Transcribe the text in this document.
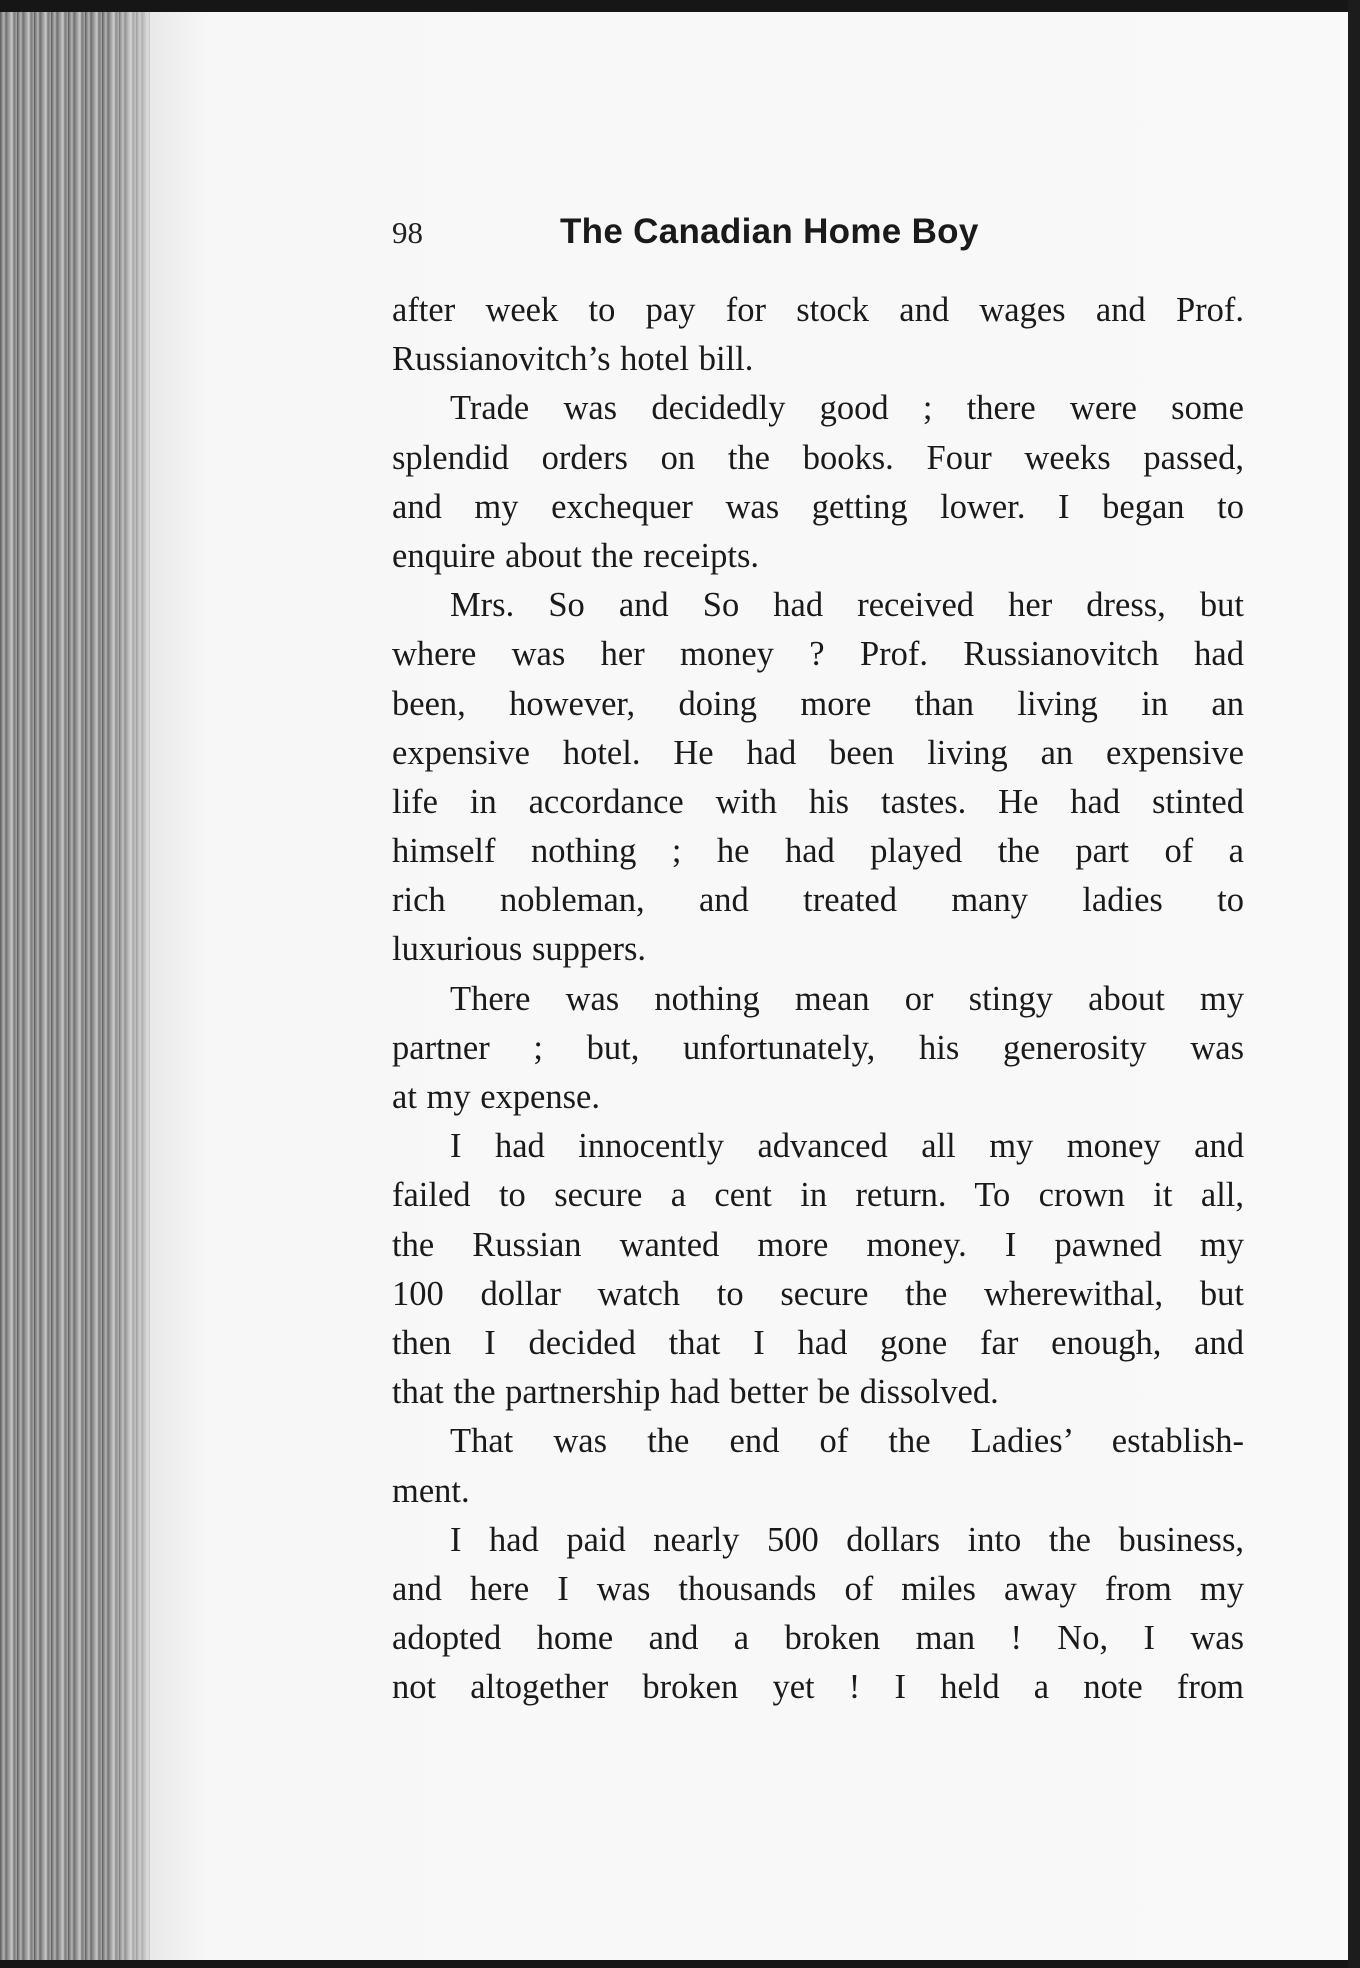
98	The Canadian Home Boy
after week to pay for stock and wages and Prof.
Russianovitch’s hotel bill.
Trade was decidedly good ; there were some
splendid orders on the books. Four weeks passed,
and my exchequer was getting lower. I began to
enquire about the receipts.
Mrs. So and So had received her dress, but
where was her money ? Prof. Russianovitch had
been, however, doing more than living in an
expensive hotel. He had been living an expensive
life in accordance with his tastes. He had stinted
himself nothing ; he had played the part of a
rich nobleman, and treated many ladies to
luxurious suppers.
There was nothing mean or stingy about my
partner ; but, unfortunately, his generosity was
at my expense.
I had innocently advanced all my money and
failed to secure a cent in return. To crown it all,
the Russian wanted more money. I pawned my
100 dollar watch to secure the wherewithal, but
then I decided that I had gone far enough, and
that the partnership had better be dissolved.
That was the end of the Ladies’ establish-
ment.
I had paid nearly 500 dollars into the business,
and here I was thousands of miles away from my
adopted home and a broken man ! No, I was
not altogether broken yet ! I held a note from
